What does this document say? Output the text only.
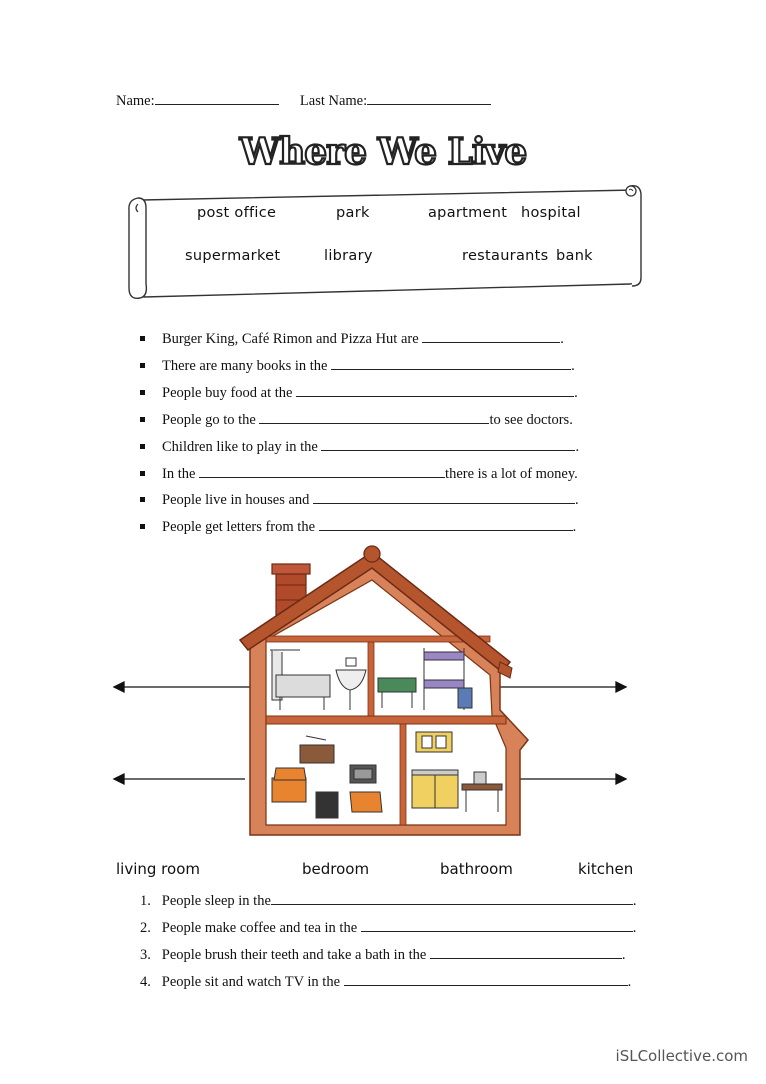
Name:	Last Name:
Where We Live
post office	park	apartment hospital
supermarket	library	restaurants bank
Burger King, Café Rimon and Pizza Hut are	.
There are many books in the	.
People buy food at the	.
People go to the	to see doctors.
Children like to play in the	.
In the	there is a lot of money.
People live in houses and	.
People get letters from the	.
living room	bedroom	bathroom	kitchen
1. People sleep in the	.
2. People make coffee and tea in the	.
3. People brush their teeth and take a bath in the	.
4. People sit and watch TV in the	.
iSLCollective.com
